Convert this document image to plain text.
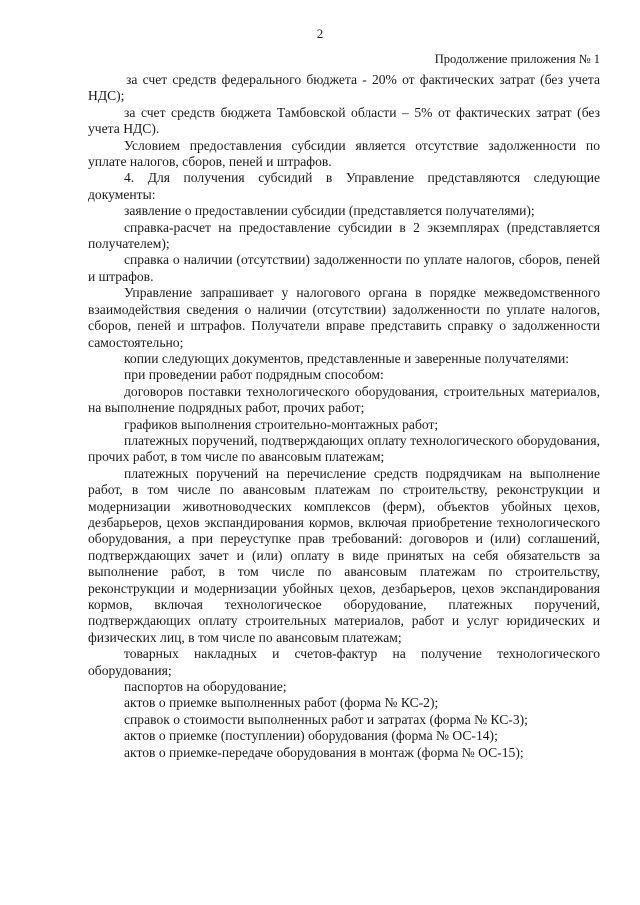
2
Продолжение приложения № 1

за счет средств федерального бюджета - 20% от фактических затрат (без учета НДС);

за счет средств бюджета Тамбовской области – 5% от фактических затрат (без учета НДС).

Условием предоставления субсидии является отсутствие задолженности по уплате налогов, сборов, пеней и штрафов.

4. Для получения субсидий в Управление представляются следующие документы:

заявление о предоставлении субсидии (представляется получателями);

справка-расчет на предоставление субсидии в 2 экземплярах (представляется получателем);

справка о наличии (отсутствии) задолженности по уплате налогов, сборов, пеней и штрафов.

Управление запрашивает у налогового органа в порядке межведомственного взаимодействия сведения о наличии (отсутствии) задолженности по уплате налогов, сборов, пеней и штрафов. Получатели вправе представить справку о задолженности самостоятельно;

копии следующих документов, представленные и заверенные получателями:

при проведении работ подрядным способом:

договоров поставки технологического оборудования, строительных материалов, на выполнение подрядных работ, прочих работ;

графиков выполнения строительно-монтажных работ;

платежных поручений, подтверждающих оплату технологического оборудования, прочих работ, в том числе по авансовым платежам;

платежных поручений на перечисление средств подрядчикам на выполнение работ, в том числе по авансовым платежам по строительству, реконструкции и модернизации животноводческих комплексов (ферм), объектов убойных цехов, дезбарьеров, цехов экспандирования кормов, включая приобретение технологического оборудования, а при переуступке прав требований: договоров и (или) соглашений, подтверждающих зачет и (или) оплату в виде принятых на себя обязательств за выполнение работ, в том числе по авансовым платежам по строительству, реконструкции и модернизации убойных цехов, дезбарьеров, цехов экспандирования кормов, включая технологическое оборудование, платежных поручений, подтверждающих оплату строительных материалов, работ и услуг юридических и физических лиц, в том числе по авансовым платежам;

товарных накладных и счетов-фактур на получение технологического оборудования;

паспортов на оборудование;

актов о приемке выполненных работ (форма № КС-2);

справок о стоимости выполненных работ и затратах (форма № КС-3);

актов о приемке (поступлении) оборудования (форма № ОС-14);

актов о приемке-передаче оборудования в монтаж (форма № ОС-15);
